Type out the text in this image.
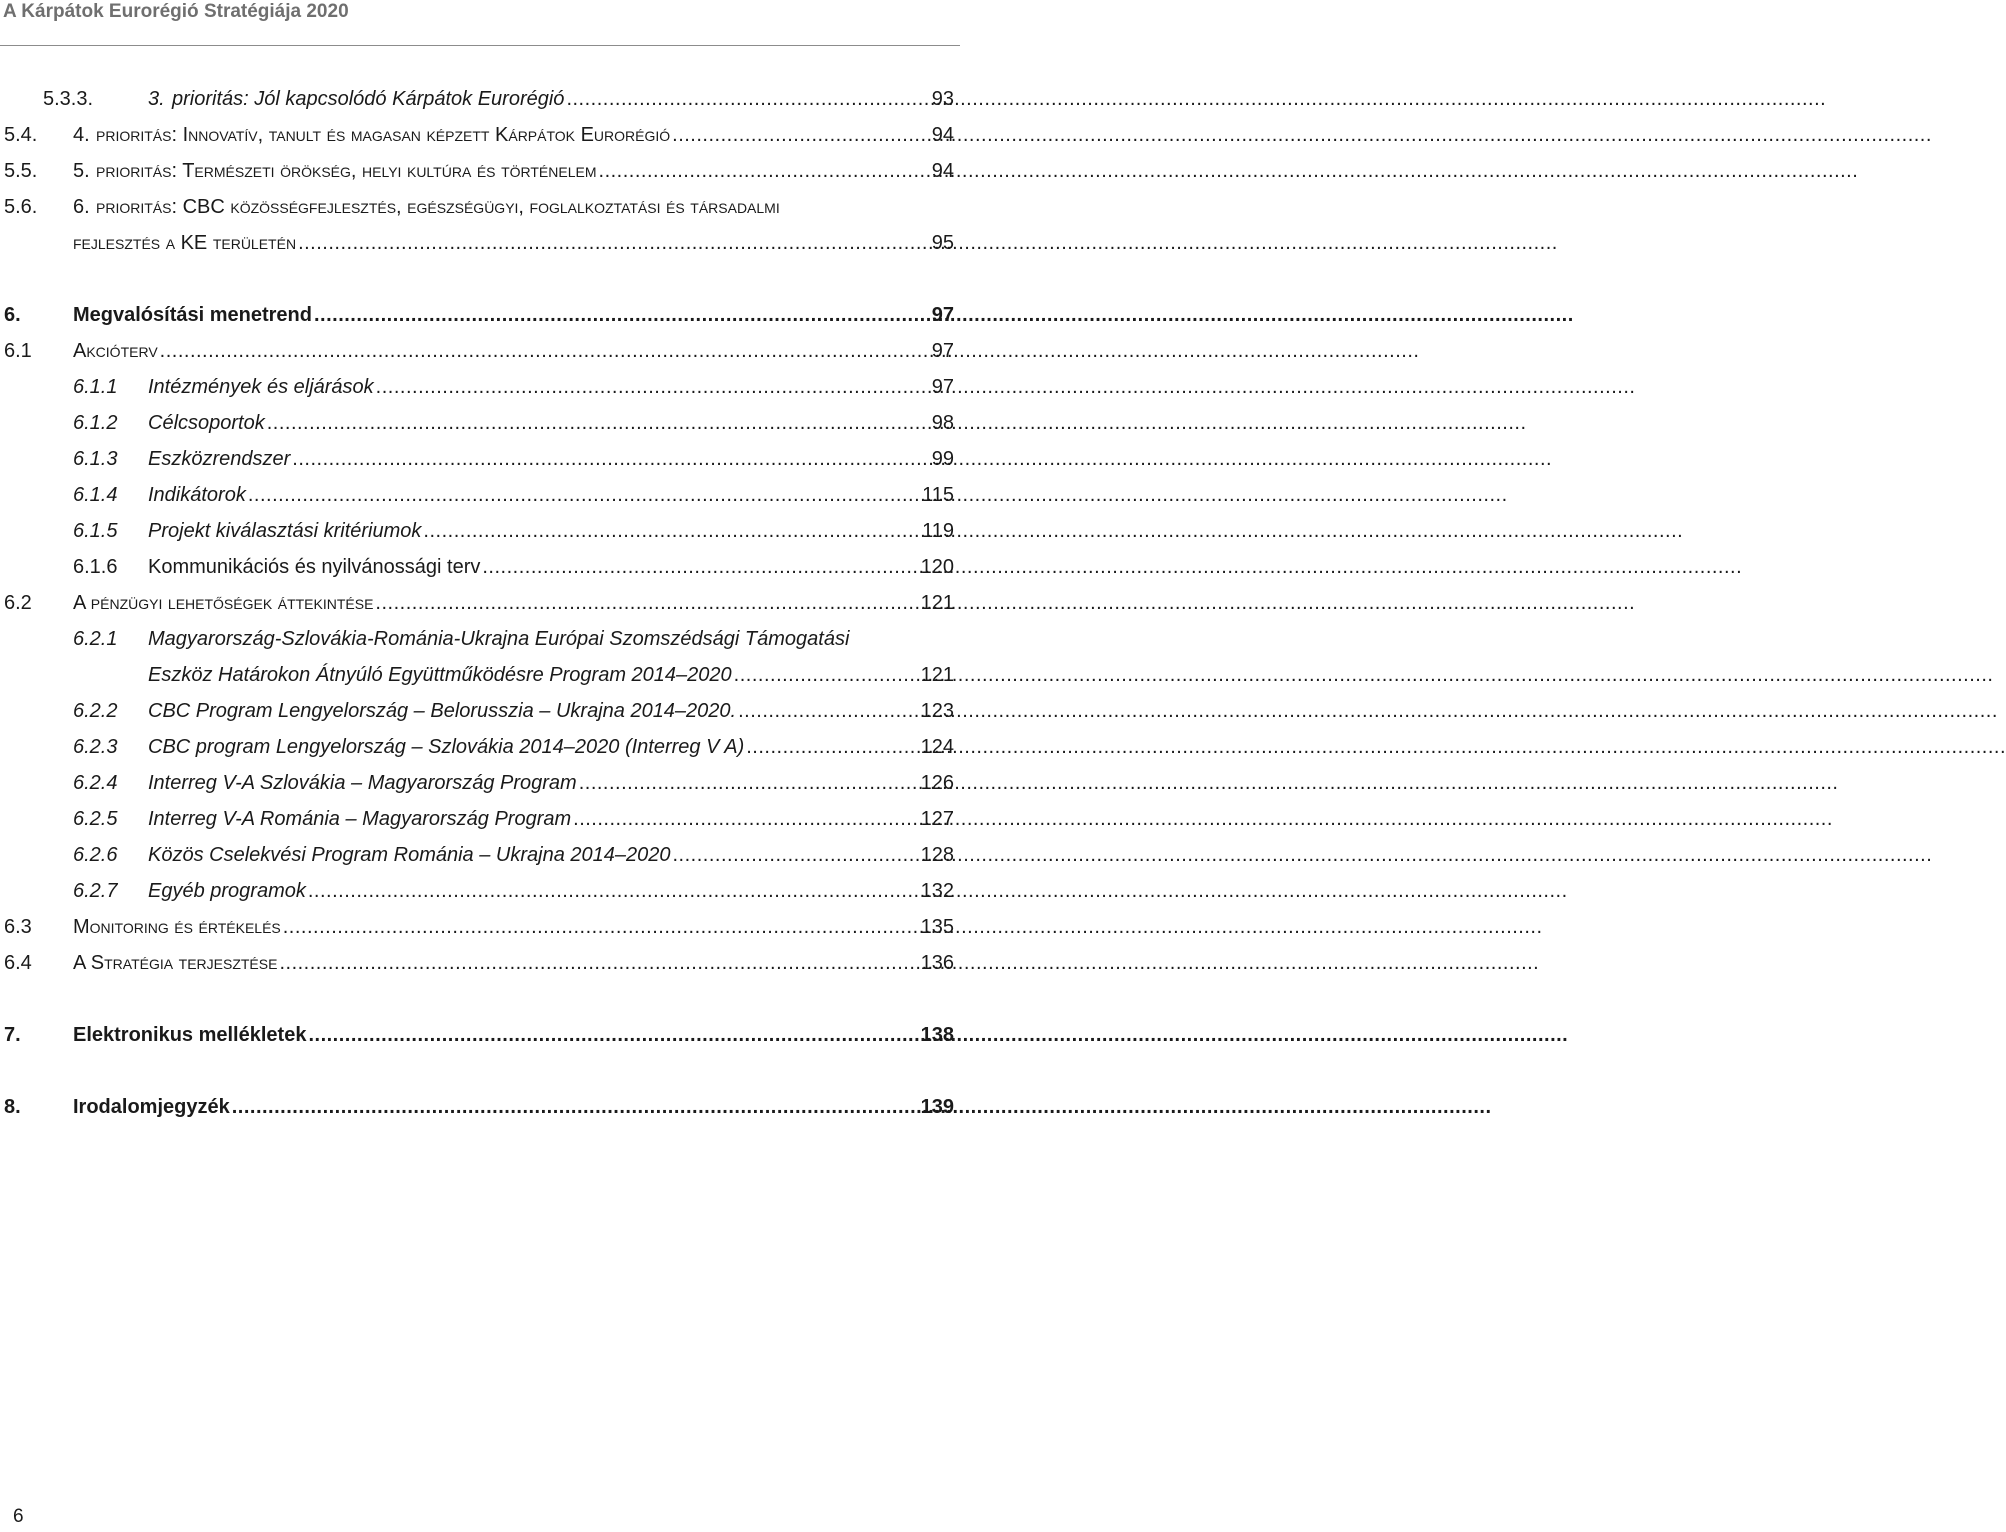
A Kárpátok Eurorégió Stratégiája 2020
5.3.3.	3. prioritás: Jól kapcsolódó Kárpátok Eurorégió .....	93
5.4. 4. prioritás: Innovatív, tanult és magasan képzett Kárpátok Eurorégió .....	94
5.5. 5. prioritás: Természeti örökség, helyi kultúra és történelem .....	94
5.6. 6. prioritás: CBC közösségfejlesztés, egészségügyi, foglalkoztatási és társadalmi
fejlesztés a KE területén .....	95
6.	Megvalósítási menetrend .....	97
6.1 Akcióterv .....	97
6.1.1 Intézmények és eljárások .....	97
6.1.2 Célcsoportok .....	98
6.1.3 Eszközrendszer .....	99
6.1.4 Indikátorok .....	115
6.1.5 Projekt kiválasztási kritériumok .....	119
6.1.6 Kommunikációs és nyilvánossági terv .....	120
6.2 A pénzügyi lehetőségek áttekintése .....	121
6.2.1 Magyarország-Szlovákia-Románia-Ukrajna Európai Szomszédsági Támogatási
Eszköz Határokon Átnyúló Együttműködésre Program 2014–2020 .....	121
6.2.2 CBC Program Lengyelország – Belorusszia – Ukrajna 2014–2020. .....	123
6.2.3 CBC program Lengyelország – Szlovákia 2014–2020 (Interreg V A) .....	124
6.2.4 Interreg V-A Szlovákia – Magyarország Program .....	126
6.2.5 Interreg V-A Románia – Magyarország Program .....	127
6.2.6 Közös Cselekvési Program Románia – Ukrajna 2014–2020 .....	128
6.2.7 Egyéb programok .....	132
6.3 Monitoring és értékelés .....	135
6.4 A Stratégia terjesztése .....	136
7.	Elektronikus mellékletek .....	138
8.	Irodalomjegyzék .....	139
6
